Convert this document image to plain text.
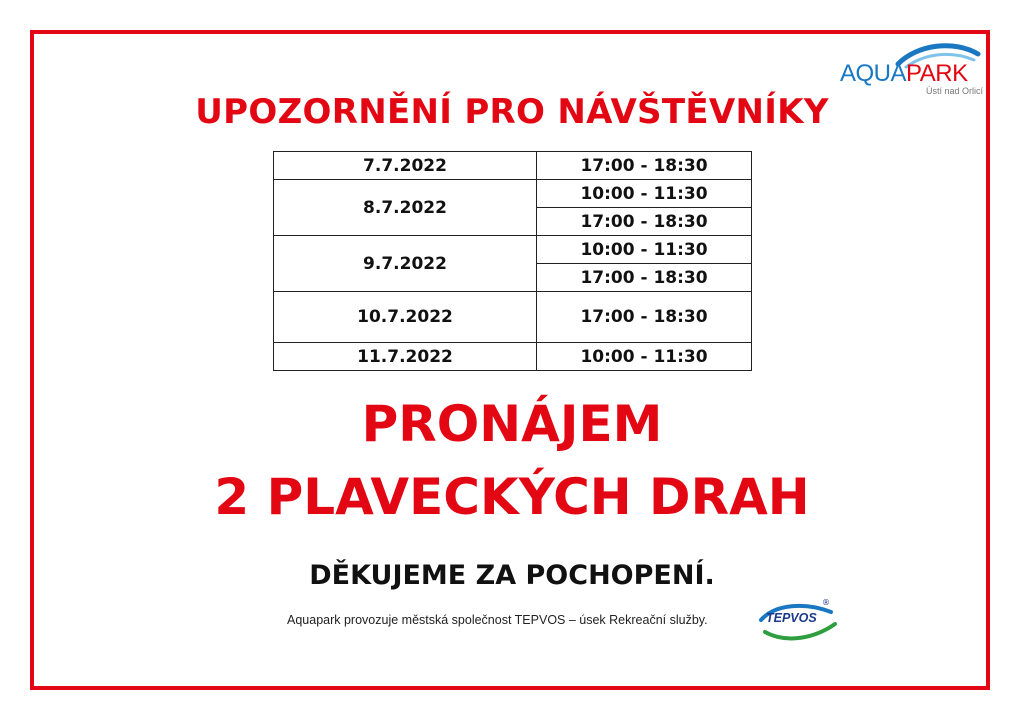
AQUAPARK
Ústí nad Orlicí
UPOZORNĚNÍ PRO NÁVŠTĚVNÍKY
7.7.2022	17:00 - 18:30
8.7.2022	10:00 - 11:30
	17:00 - 18:30
9.7.2022	10:00 - 11:30
	17:00 - 18:30
10.7.2022	17:00 - 18:30
11.7.2022	10:00 - 11:30
PRONÁJEM
2 PLAVECKÝCH DRAH
DĚKUJEME ZA POCHOPENÍ.
Aquapark provozuje městská společnost TEPVOS – úsek Rekreační služby.	TEPVOS
®
